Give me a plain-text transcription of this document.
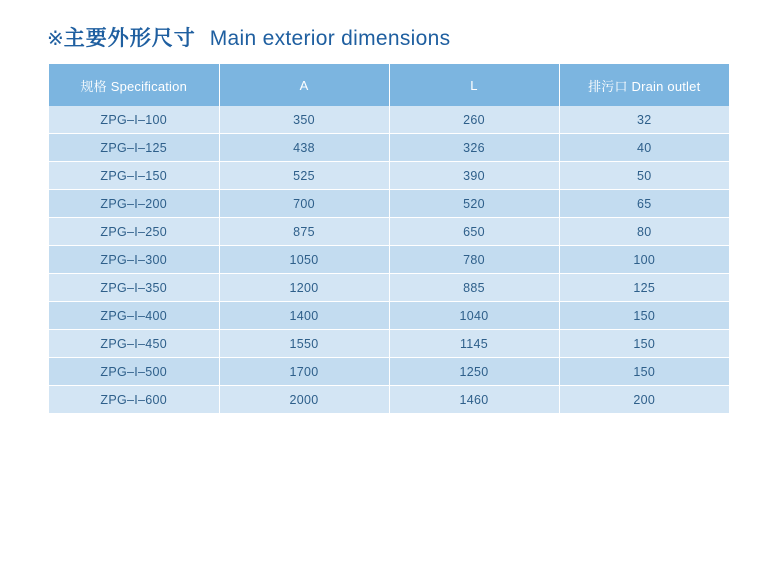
※主要外形尺寸 Main exterior dimensions
规格 Specification	A	L	排污口 Drain outlet
ZPG–I–100	350	260	32
ZPG–I–125	438	326	40
ZPG–I–150	525	390	50
ZPG–I–200	700	520	65
ZPG–I–250	875	650	80
ZPG–I–300	1050	780	100
ZPG–I–350	1200	885	125
ZPG–I–400	1400	1040	150
ZPG–I–450	1550	1145	150
ZPG–I–500	1700	1250	150
ZPG–I–600	2000	1460	200
